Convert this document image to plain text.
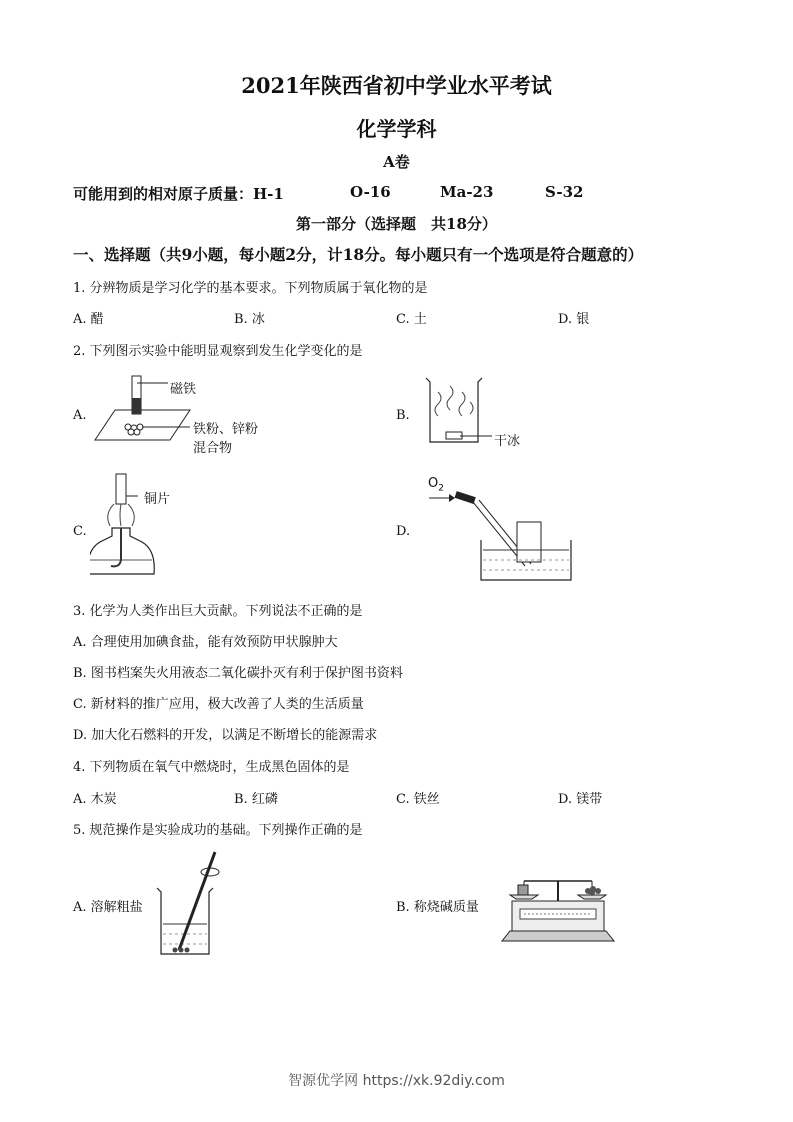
2021年陕西省初中学业水平考试
化学学科
A卷
可能用到的相对原子质量：H-1	O-16	Ma-23	S-32
第一部分（选择题　共18分）
一、选择题（共9小题，每小题2分，计18分。每小题只有一个选项是符合题意的）
1. 分辨物质是学习化学的基本要求。下列物质属于氧化物的是
A. 醋	B. 冰	C. 土	D. 银
2. 下列图示实验中能明显观察到发生化学变化的是
A.
磁铁
铁粉、锌粉
混合物
B.
干冰
C.
铜片
D.
$O_2$
3. 化学为人类作出巨大贡献。下列说法不正确的是
A. 合理使用加碘食盐，能有效预防甲状腺肿大
B. 图书档案失火用液态二氧化碳扑灭有利于保护图书资料
C. 新材料的推广应用，极大改善了人类的生活质量
D. 加大化石燃料的开发，以满足不断增长的能源需求
4. 下列物质在氧气中燃烧时，生成黑色固体的是
A. 木炭	B. 红磷	C. 铁丝	D. 镁带
5. 规范操作是实验成功的基础。下列操作正确的是
A. 溶解粗盐	B. 称烧碱质量
智源优学网 https://xk.92diy.com
